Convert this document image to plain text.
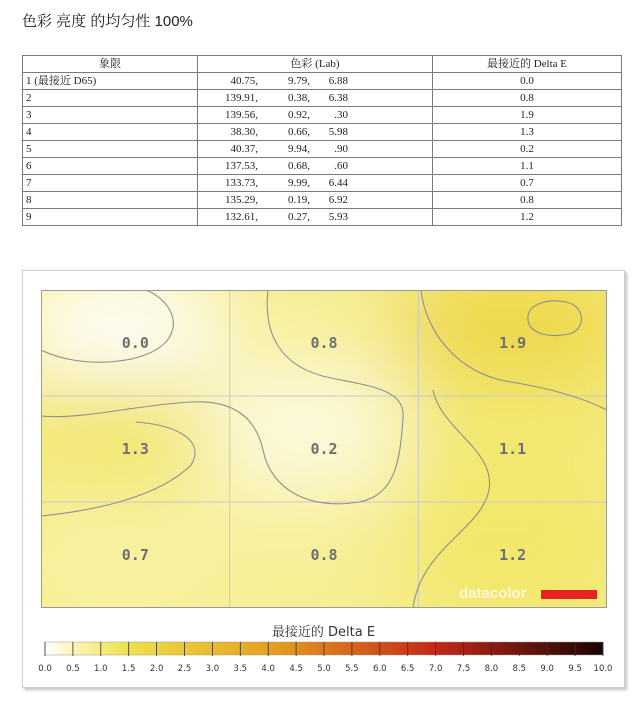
色彩 亮度 的均匀性 100%
象限	色彩 (Lab)	最接近的 Delta E
1 (最接近 D65)	40.75, 9.79, 6.88	0.0
2	139.91, 0.38, 6.38	0.8
3	139.56, 0.92, .30	1.9
4	38.30, 0.66, 5.98	1.3
5	40.37, 9.94, .90	0.2
6	137.53, 0.68, .60	1.1
7	133.73, 9.99, 6.44	0.7
8	135.29, 0.19, 6.92	0.8
9	132.61, 0.27, 5.93	1.2
0.0	0.8	1.9
1.3	0.2	1.1
0.7	0.8	1.2
datacolor
最接近的 Delta E
0.0 0.5 1.0 1.5 2.0 2.5 3.0 3.5 4.0 4.5 5.0 5.5 6.0 6.5 7.0 7.5 8.0 8.5 9.0 9.5 10.0
